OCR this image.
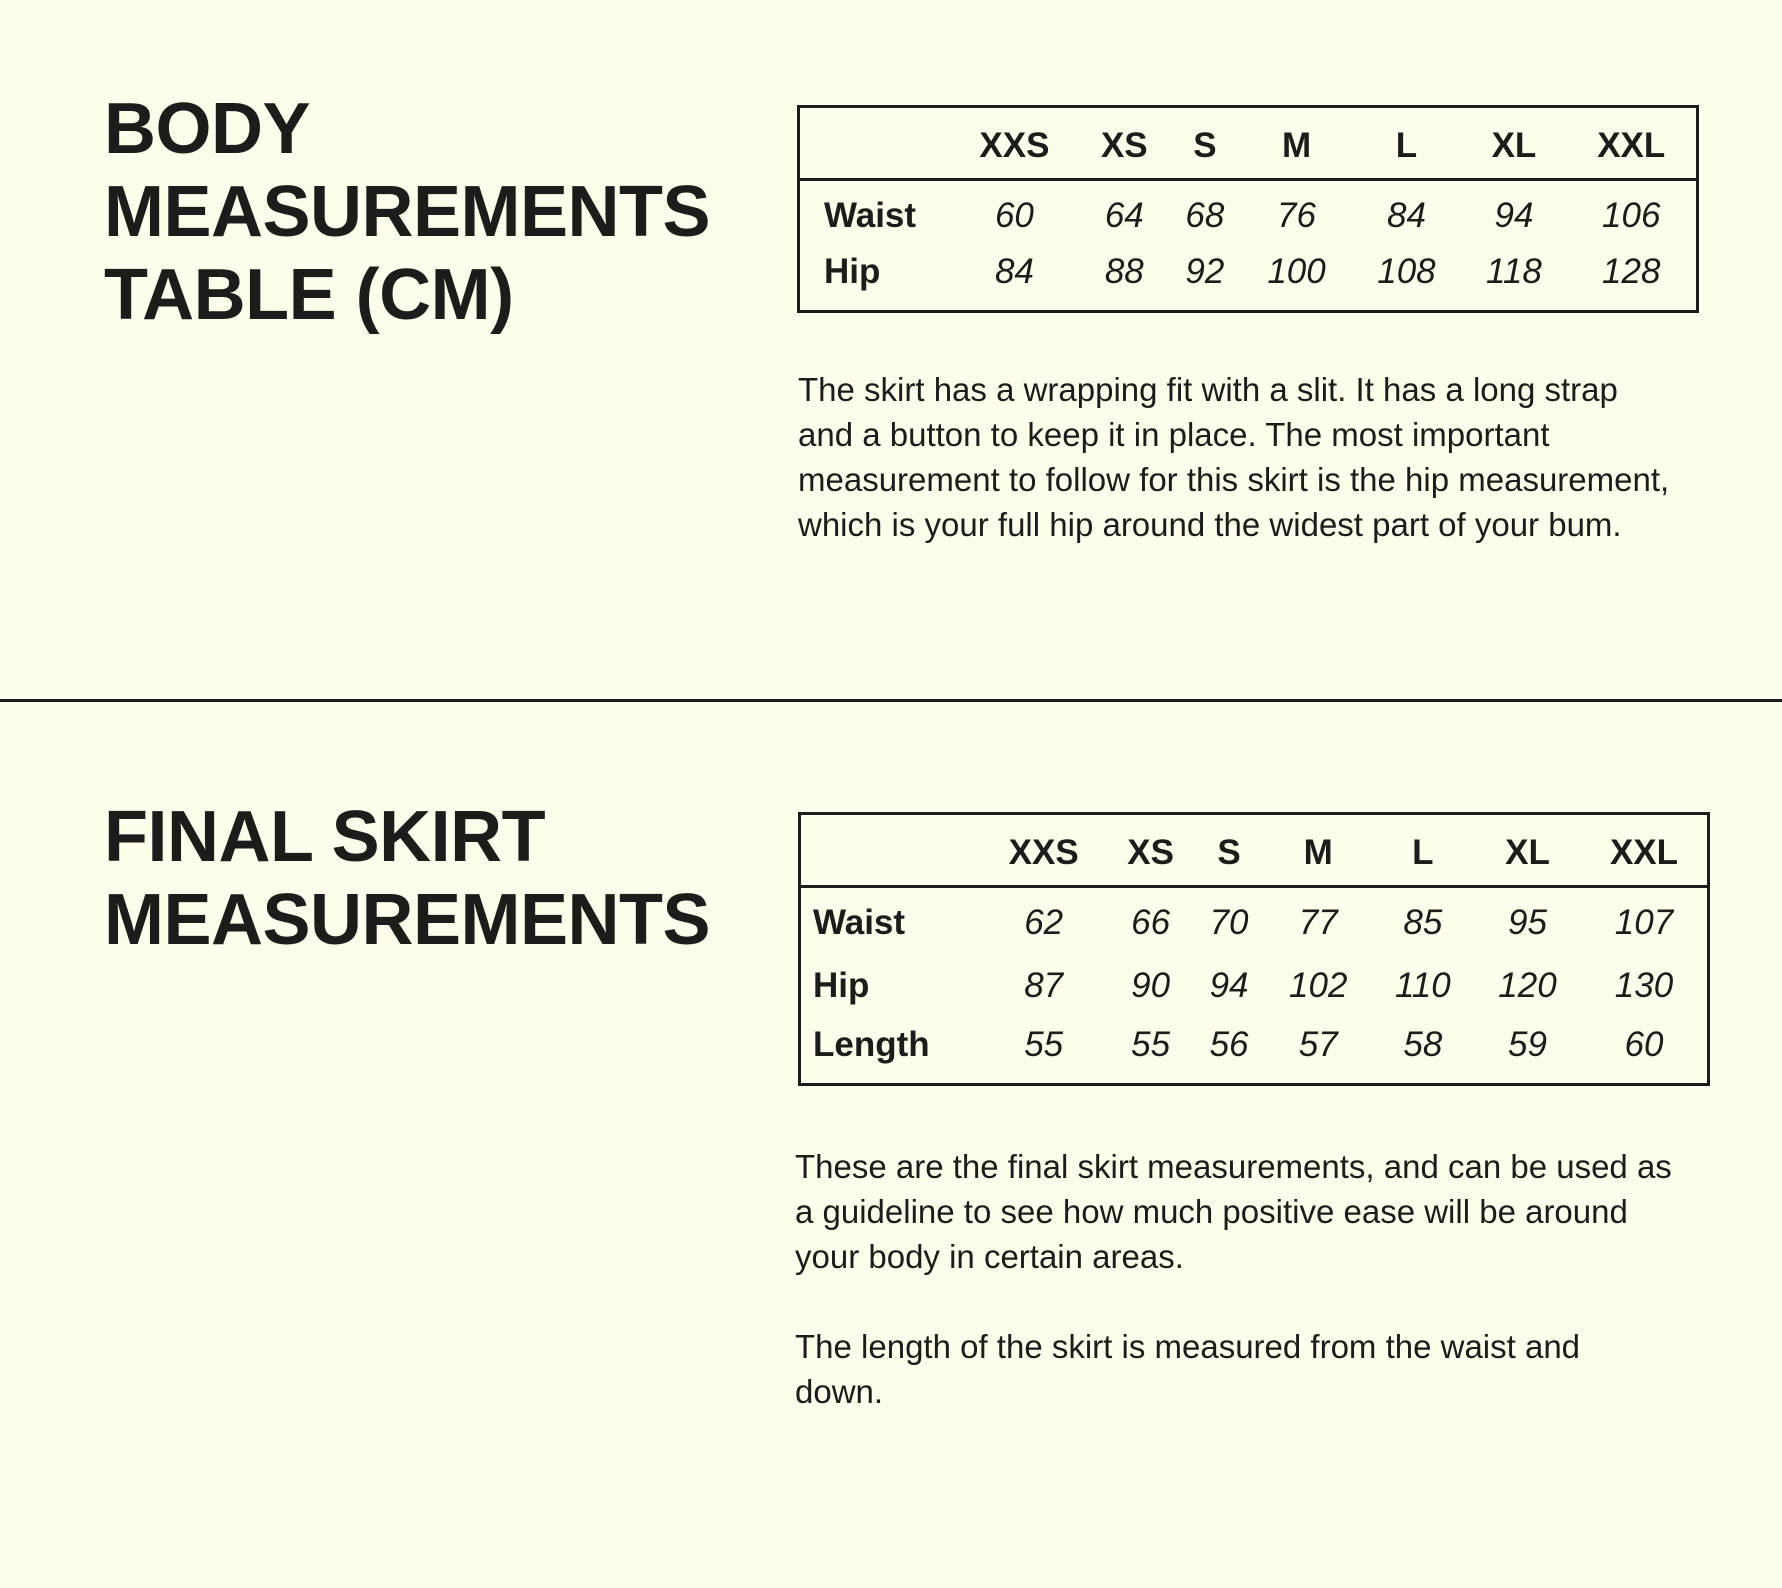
BODY
MEASUREMENTS
TABLE (CM)
	XXS	XS	S	M	L	XL	XXL
Waist	60	64	68	76	84	94	106
Hip	84	88	92	100	108	118	128

The skirt has a wrapping fit with a slit. It has a long strap and a button to keep it in place. The most important measurement to follow for this skirt is the hip measurement, which is your full hip around the widest part of your bum.

FINAL SKIRT
MEASUREMENTS
	XXS	XS	S	M	L	XL	XXL
Waist	62	66	70	77	85	95	107
Hip	87	90	94	102	110	120	130
Length	55	55	56	57	58	59	60

These are the final skirt measurements, and can be used as a guideline to see how much positive ease will be around your body in certain areas.

The length of the skirt is measured from the waist and down.
